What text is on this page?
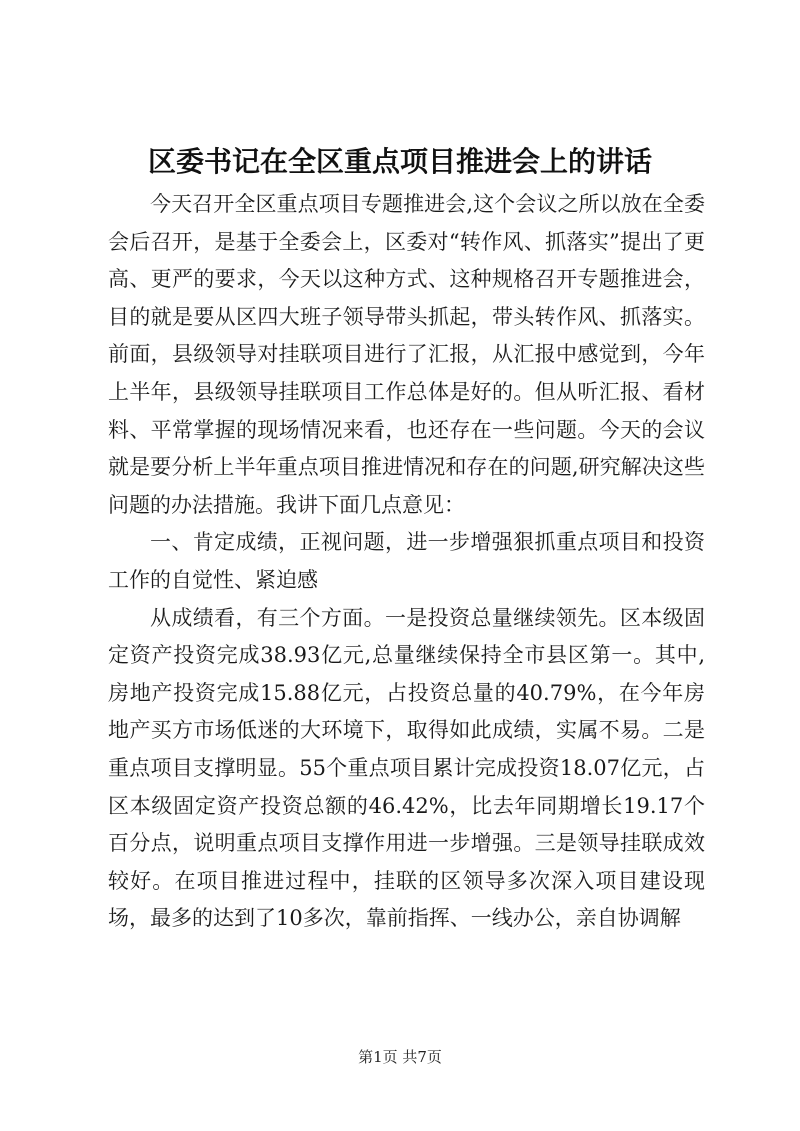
区委书记在全区重点项目推进会上的讲话

今天召开全区重点项目专题推进会,这个会议之所以放在全委会后召开，是基于全委会上，区委对“转作风、抓落实”提出了更高、更严的要求，今天以这种方式、这种规格召开专题推进会，目的就是要从区四大班子领导带头抓起，带头转作风、抓落实。前面，县级领导对挂联项目进行了汇报，从汇报中感觉到，今年上半年，县级领导挂联项目工作总体是好的。但从听汇报、看材料、平常掌握的现场情况来看，也还存在一些问题。今天的会议就是要分析上半年重点项目推进情况和存在的问题,研究解决这些问题的办法措施。我讲下面几点意见：

一、肯定成绩，正视问题，进一步增强狠抓重点项目和投资工作的自觉性、紧迫感

从成绩看，有三个方面。一是投资总量继续领先。区本级固定资产投资完成38.93亿元,总量继续保持全市县区第一。其中,房地产投资完成15.88亿元，占投资总量的40.79%，在今年房地产买方市场低迷的大环境下，取得如此成绩，实属不易。二是重点项目支撑明显。55个重点项目累计完成投资18.07亿元，占区本级固定资产投资总额的46.42%，比去年同期增长19.17个百分点，说明重点项目支撑作用进一步增强。三是领导挂联成效较好。在项目推进过程中，挂联的区领导多次深入项目建设现场，最多的达到了10多次，靠前指挥、一线办公，亲自协调解

第1页 共7页
